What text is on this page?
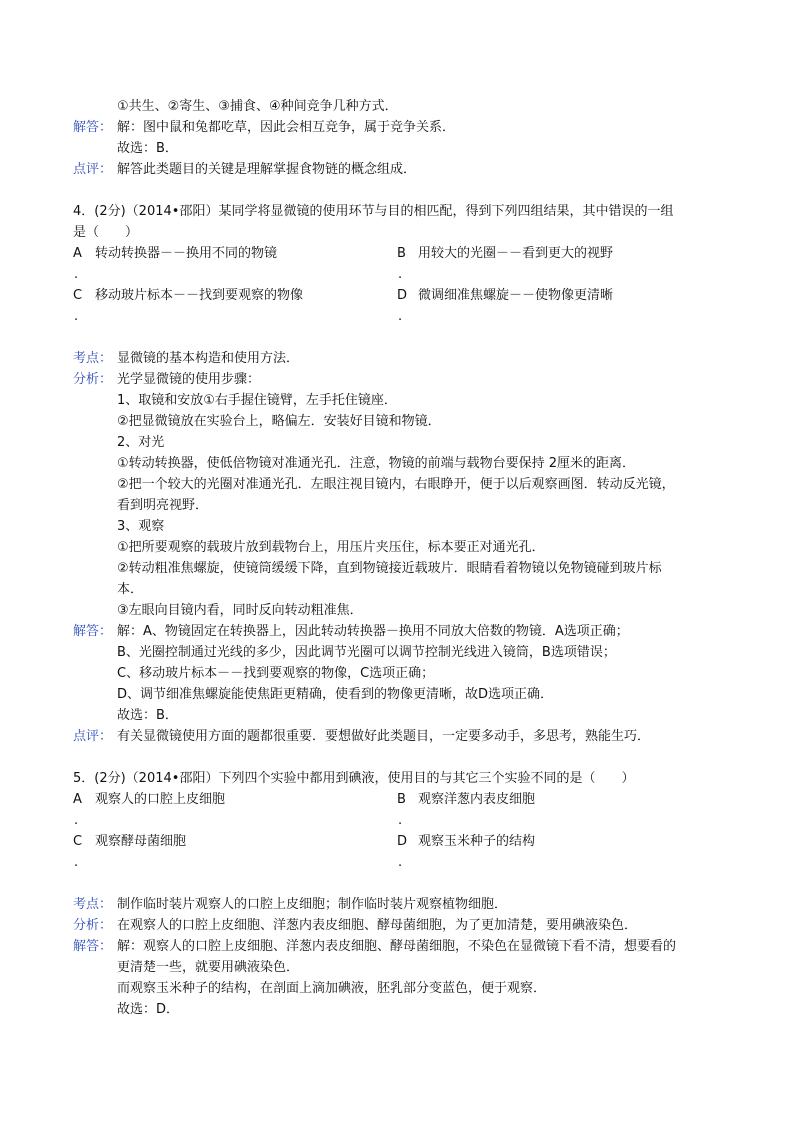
①共生、②寄生、③捕食、④种间竞争几种方式．
解答： 解：图中鼠和兔都吃草，因此会相互竞争，属于竞争关系．
故选：B．
点评： 解答此类题目的关键是理解掌握食物链的概念组成．
4．(2分)（2014•邵阳）某同学将显微镜的使用环节与目的相匹配，得到下列四组结果，其中错误的一组
是（　　）
A 转动转换器－－换用不同的物镜
.
B 用较大的光圈－－看到更大的视野
.
C 移动玻片标本－－找到要观察的物像
.
D 微调细准焦螺旋－－使物像更清晰
.
考点： 显微镜的基本构造和使用方法．
分析： 光学显微镜的使用步骤：
1、取镜和安放①右手握住镜臂，左手托住镜座．
②把显微镜放在实验台上，略偏左．安装好目镜和物镜．
2、对光
①转动转换器，使低倍物镜对准通光孔．注意，物镜的前端与载物台要保持 2厘米的距离．
②把一个较大的光圈对准通光孔．左眼注视目镜内，右眼睁开，便于以后观察画图．转动反光镜，
看到明亮视野．
3、观察
①把所要观察的载玻片放到载物台上，用压片夹压住，标本要正对通光孔．
②转动粗准焦螺旋，使镜筒缓缓下降，直到物镜接近载玻片．眼睛看着物镜以免物镜碰到玻片标
本．
③左眼向目镜内看，同时反向转动粗准焦．
解答： 解：A、物镜固定在转换器上，因此转动转换器－换用不同放大倍数的物镜．A选项正确；
B、光圈控制通过光线的多少，因此调节光圈可以调节控制光线进入镜筒，B选项错误；
C、移动玻片标本－－找到要观察的物像，C选项正确；
D、调节细准焦螺旋能使焦距更精确，使看到的物像更清晰，故D选项正确．
故选：B．
点评： 有关显微镜使用方面的题都很重要．要想做好此类题目，一定要多动手，多思考，熟能生巧．
5．(2分)（2014•邵阳）下列四个实验中都用到碘液，使用目的与其它三个实验不同的是（　　）
A 观察人的口腔上皮细胞
.
B 观察洋葱内表皮细胞
.
C 观察酵母菌细胞
.
D 观察玉米种子的结构
.
考点： 制作临时装片观察人的口腔上皮细胞；制作临时装片观察植物细胞．
分析： 在观察人的口腔上皮细胞、洋葱内表皮细胞、酵母菌细胞，为了更加清楚，要用碘液染色．
解答： 解：观察人的口腔上皮细胞、洋葱内表皮细胞、酵母菌细胞，不染色在显微镜下看不清，想要看的
更清楚一些，就要用碘液染色．
而观察玉米种子的结构，在剖面上滴加碘液，胚乳部分变蓝色，便于观察．
故选：D．
